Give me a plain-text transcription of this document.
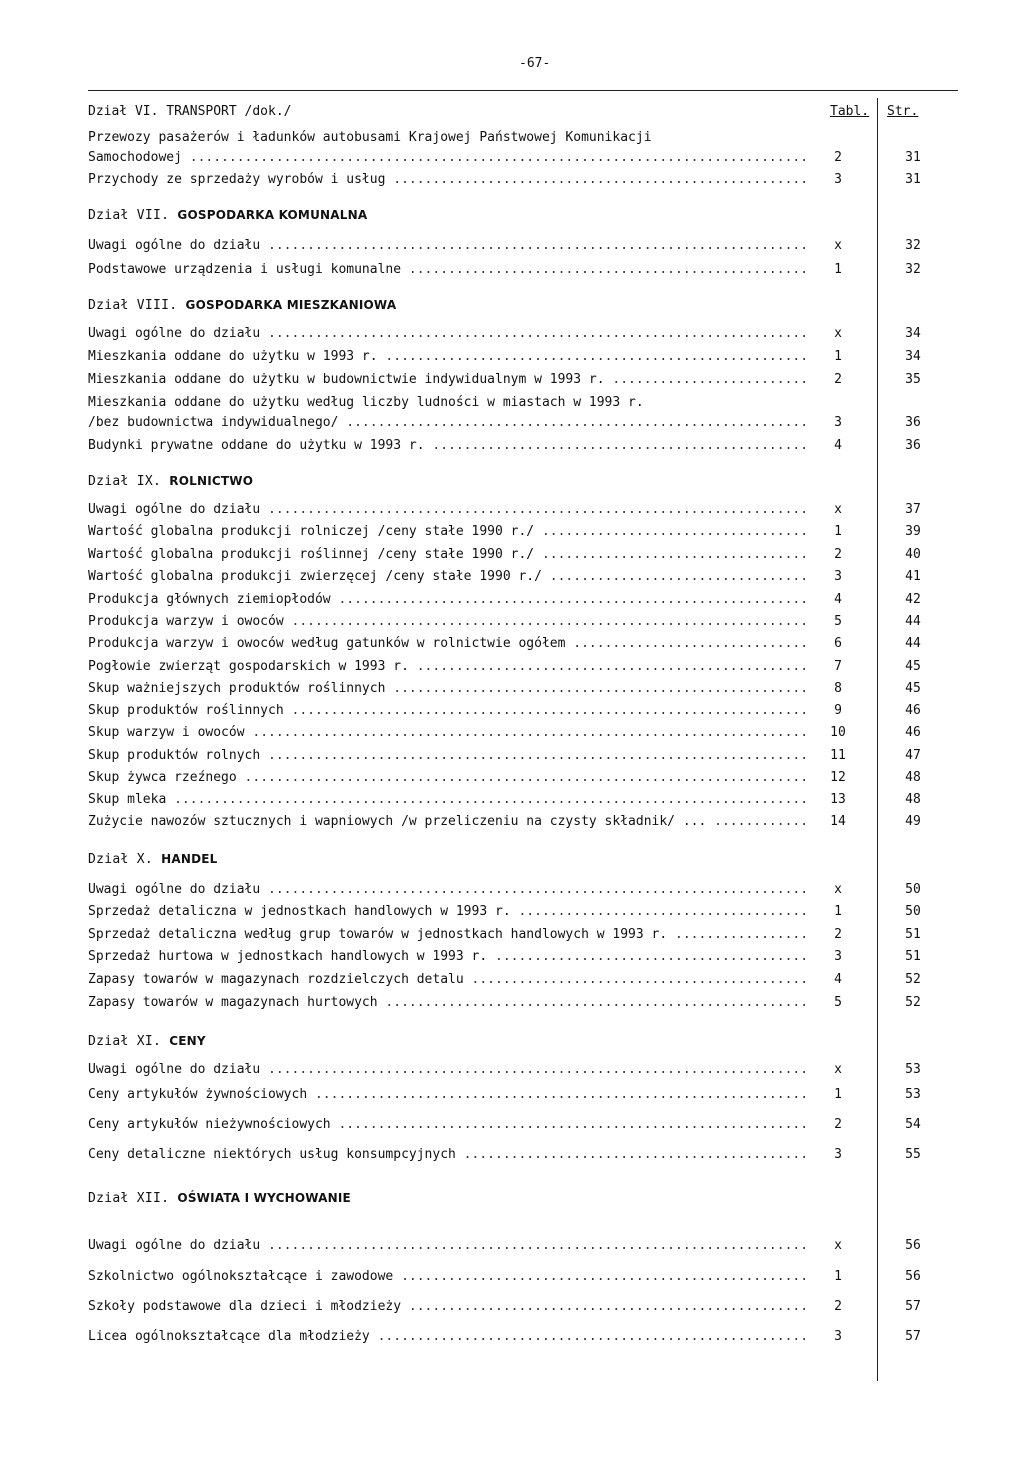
-67-
Dział VI. TRANSPORT /dok./	Tabl. Str.
Przewozy pasażerów i ładunków autobusami Krajowej Państwowej Komunikacji
Samochodowej .....	2	31
Przychody ze sprzedaży wyrobów i usług .....	3	31
Dział VII. GOSPODARKA KOMUNALNA
Uwagi ogólne do działu .....	x	32
Podstawowe urządzenia i usługi komunalne .....	1	32
Dział VIII. GOSPODARKA MIESZKANIOWA
Uwagi ogólne do działu .....	x	34
Mieszkania oddane do użytku w 1993 r. .....	1	34
Mieszkania oddane do użytku w budownictwie indywidualnym w 1993 r. .....	2	35
Mieszkania oddane do użytku według liczby ludności w miastach w 1993 r.
/bez budownictwa indywidualnego/ .....	3	36
Budynki prywatne oddane do użytku w 1993 r. .....	4	36
Dział IX. ROLNICTWO
Uwagi ogólne do działu .....	x	37
Wartość globalna produkcji rolniczej /ceny stałe 1990 r./ .....	1	39
Wartość globalna produkcji roślinnej /ceny stałe 1990 r./ .....	2	40
Wartość globalna produkcji zwierzęcej /ceny stałe 1990 r./ .....	3	41
Produkcja głównych ziemiopłodów .....	4	42
Produkcja warzyw i owoców .....	5	44
Produkcja warzyw i owoców według gatunków w rolnictwie ogółem .....	6	44
Pogłowie zwierząt gospodarskich w 1993 r. .....	7	45
Skup ważniejszych produktów roślinnych .....	8	45
Skup produktów roślinnych .....	9	46
Skup warzyw i owoców .....	10	46
Skup produktów rolnych .....	11	47
Skup żywca rzeźnego .....	12	48
Skup mleka .....	13	48
Zużycie nawozów sztucznych i wapniowych /w przeliczeniu na czysty składnik/ ... .....	14	49
Dział X. HANDEL
Uwagi ogólne do działu .....	x	50
Sprzedaż detaliczna w jednostkach handlowych w 1993 r. .....	1	50
Sprzedaż detaliczna według grup towarów w jednostkach handlowych w 1993 r. .....	2	51
Sprzedaż hurtowa w jednostkach handlowych w 1993 r. .....	3	51
Zapasy towarów w magazynach rozdzielczych detalu .....	4	52
Zapasy towarów w magazynach hurtowych .....	5	52
Dział XI. CENY
Uwagi ogólne do działu .....	x	53
Ceny artykułów żywnościowych .....	1	53
Ceny artykułów nieżywnościowych .....	2	54
Ceny detaliczne niektórych usług konsumpcyjnych .....	3	55
Dział XII. OŚWIATA I WYCHOWANIE
Uwagi ogólne do działu .....	x	56
Szkolnictwo ogólnokształcące i zawodowe .....	1	56
Szkoły podstawowe dla dzieci i młodzieży .....	2	57
Licea ogólnokształcące dla młodzieży .....	3	57
